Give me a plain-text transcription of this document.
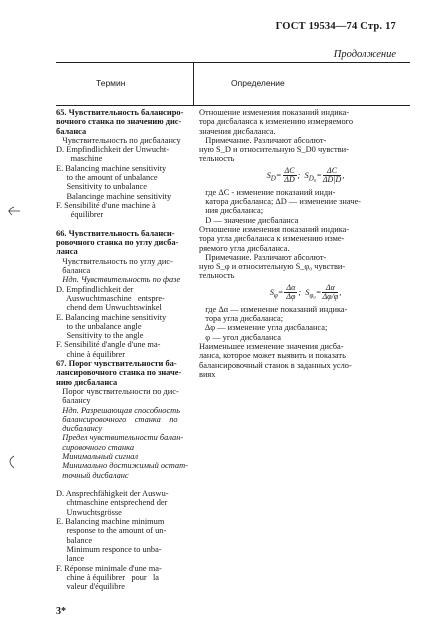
ГОСТ 19534—74 Стр. 17
Продолжение
Термин	Определение
65. Чувствительность балансиро-
вочного станка по значению дис-
баланса
Чувствительность по дисбалансу
D. Empfindlichkeit der Unwucht-
maschine
E. Balancing machine sensitivity
to the amount of unbalance
Sensitivity to unbalance
Balancinge machine sensitivity
F. Sensibilité d'une machine à
équilibrer

66. Чувствительность баланси-
ровочного станка по углу дисба-
ланса
Чувствительность по углу дис-
баланса
Ндп. Чувствительность по фазе
D. Empfindlichkeit der
Auswuchtmaschine   entspre-
chend dem Unwuchtswinkel
E. Balancing machine sensitivity
to the unbalance angle
Sensitivity to the angle
F. Sensibilité d'angle d'une ma-
chine à équilibrer
67. Порог чувствительности ба-
лансировочного станка по значе-
нию дисбаланса
Порог чувствительности по дис-
балансу
Ндп. Разрешающая способность
балансировочного    станка    по
дисбалансу
Предел чувствительности балан-
сировочного станка
Минимальный сигнал
Минимально достижимый остат-
точный дисбаланс

D. Ansprechfähigkeit der Auswu-
chtmaschine entsprechend der
Unwuchtsgrösse
E. Balancing machine minimum
response to the amount of un-
balance
Minimum responce to unba-
lance
F. Réponse minimale d'une ma-
chine à équilibrer   pour   la
valeur d'équilibre
Отношение изменения показаний индика-
тора дисбаланса к изменению измеряемого
значения дисбаланса.
Примечание. Различают абсолют-
ную S_D и относительную S_D0 чувстви-
тельность
$S_D= \frac{\Delta C}{\Delta D}$ ;  $S_{D_0}= \frac{\Delta C}{\Delta D|D}$ ,
где ΔC - изменение показаний инди-
катора дисбаланса; ΔD — изменение значе-
ния дисбаланса;
D — значение дисбаланса
Отношение изменения показаний индика-
тора угла дисбаланса к изменению изме-
ряемого угла дисбаланса.
Примечание. Различают абсолют-
ную S_φ и относительную S_φ₀ чувстви-
тельность
$S_\varphi= \frac{\Delta\alpha}{\Delta\varphi}$ ;  $S_{\varphi_0}= \frac{\Delta\alpha}{\Delta\varphi/\varphi}$ ,
где Δα — изменение показаний индика-
тора угла дисбаланса;
Δφ — изменение угла дисбаланса;
φ — угол дисбаланса
Наименьшее изменение значения дисба-
ланса, которое может выявить и показать
балансировочный станок в заданных усло-
виях
3*
